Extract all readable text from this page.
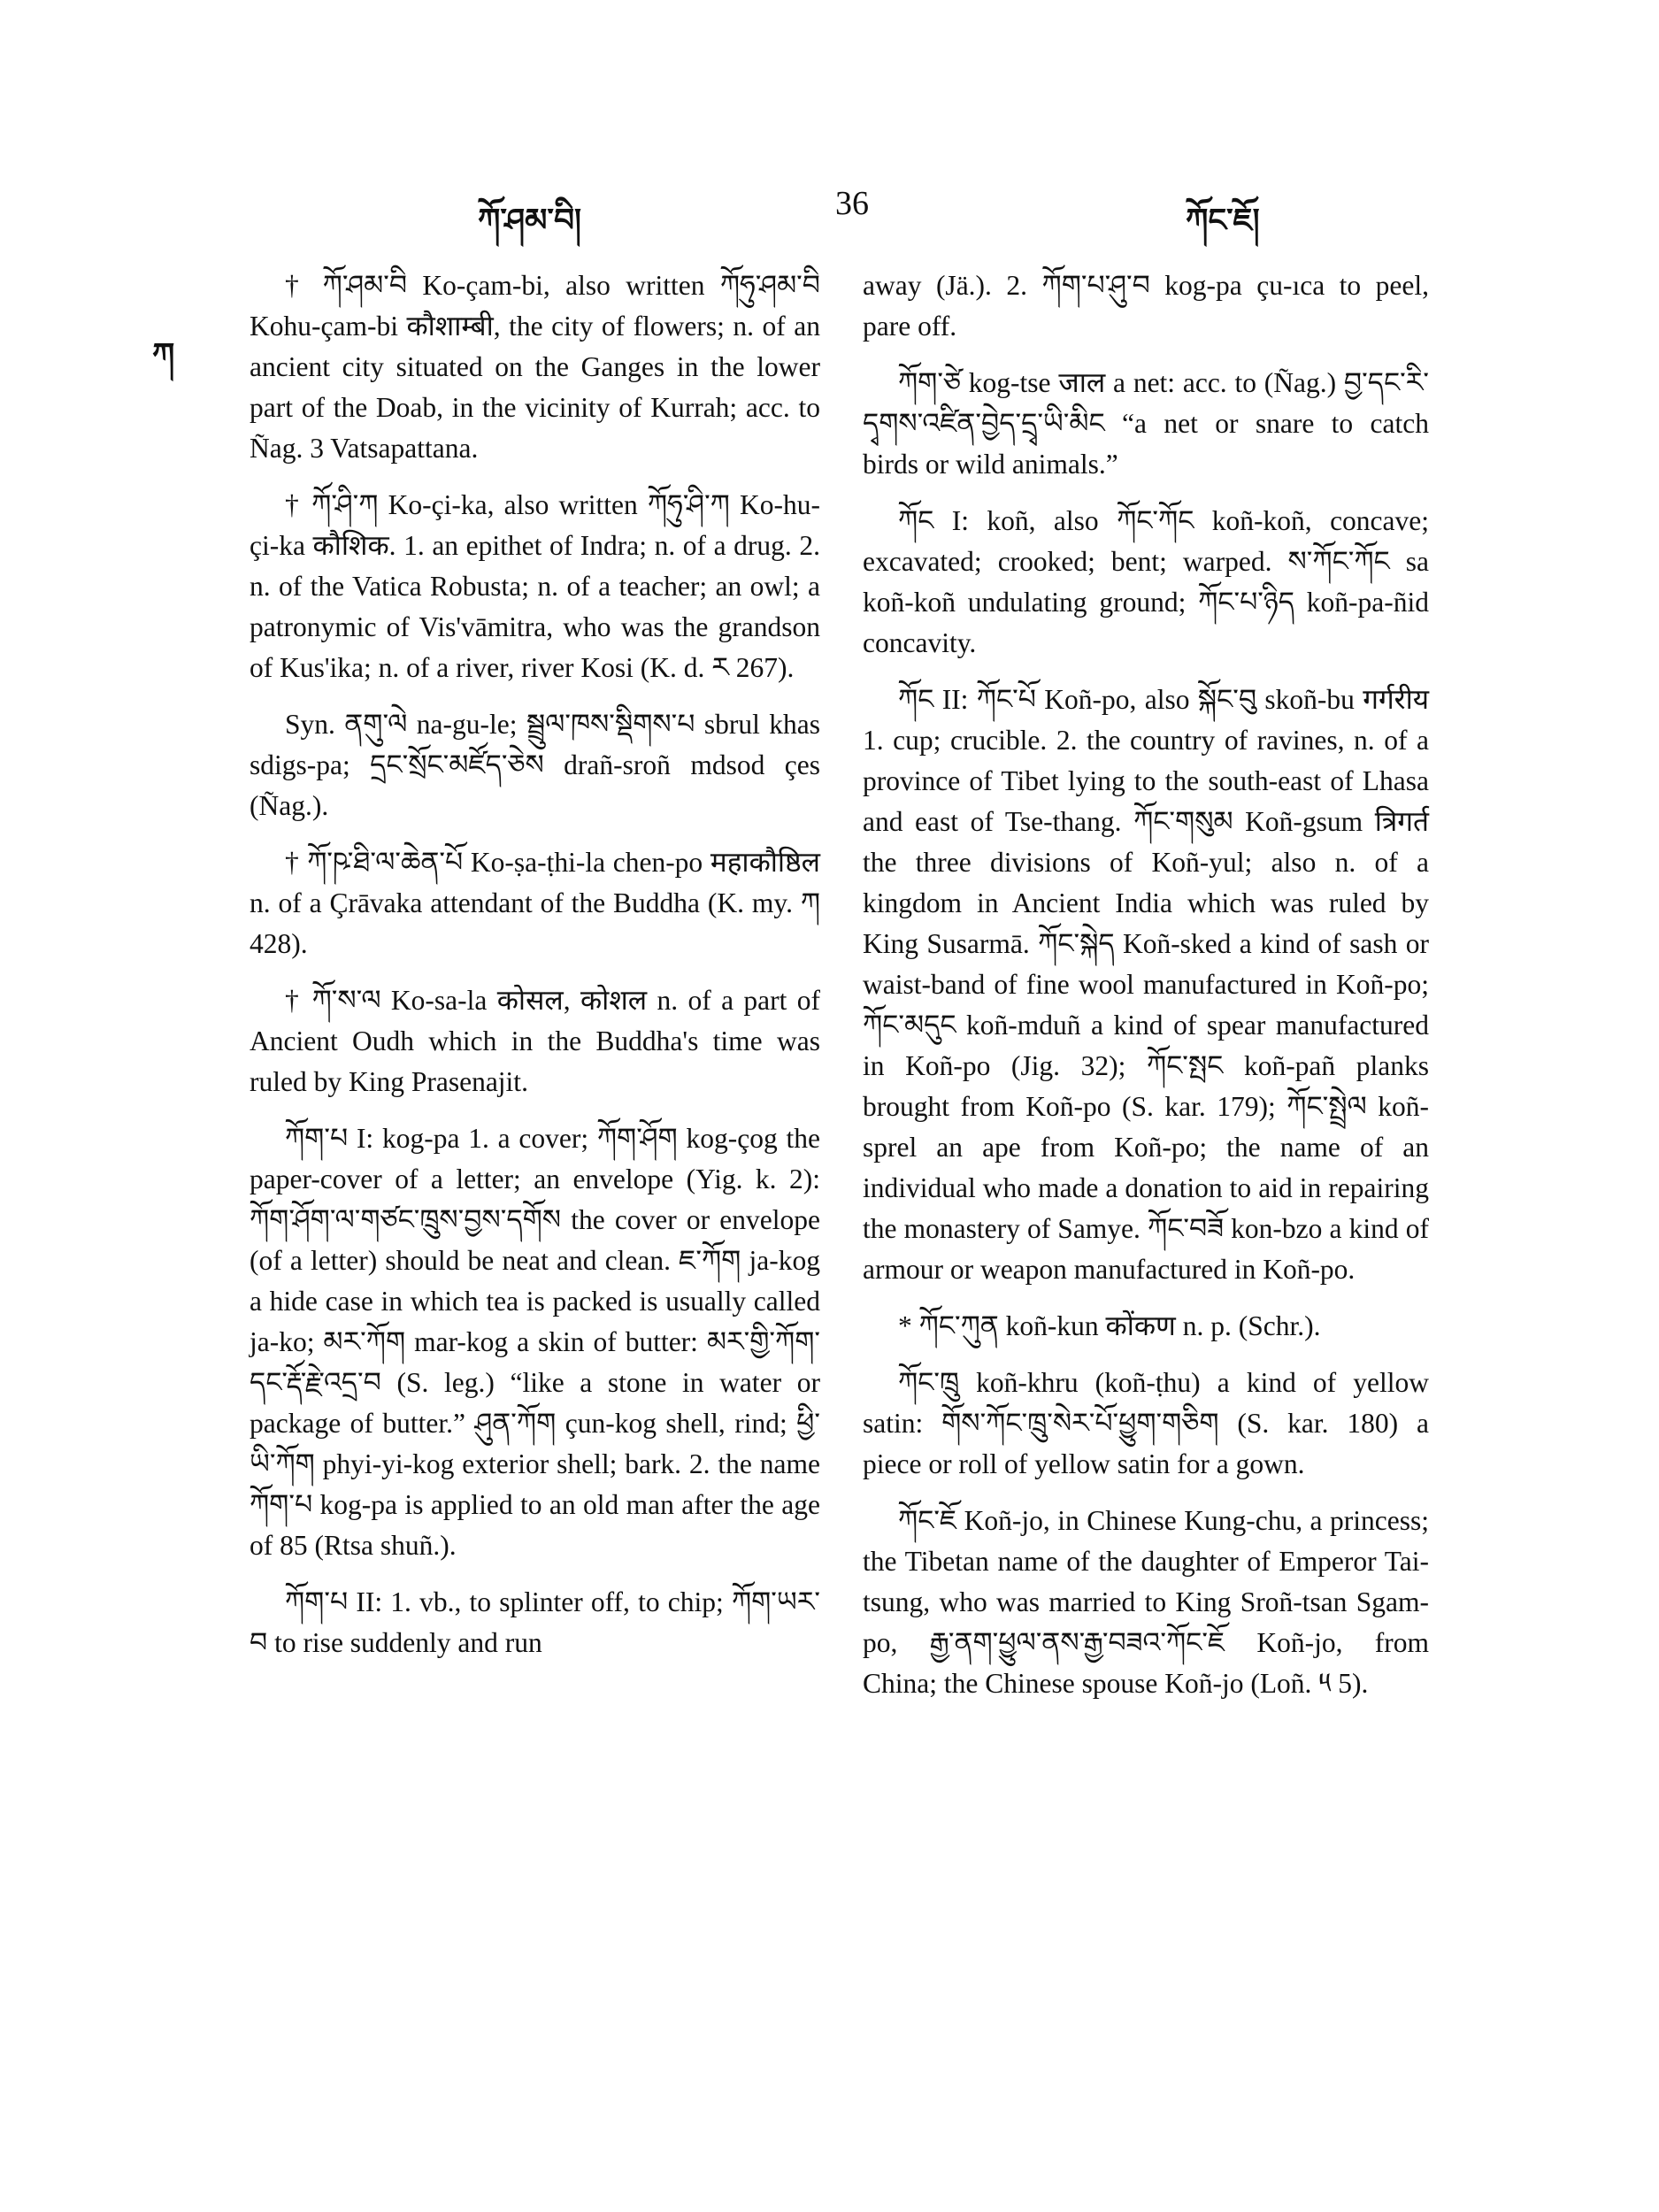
ཀོ་ཤམ་བི།	36	ཀོང་ཇོ།
ཀ

† ཀོ་ཤམ་བི Ko-çam-bi, also written ཀོཧུ་ཤམ་བི Kohu-çam-bi कौशाम्बी, the city of flowers; n. of an ancient city situated on the Ganges in the lower part of the Doab, in the vicinity of Kurrah; acc. to Ñag. 3 Vatsapattana.

† ཀོ་ཤི་ཀ Ko-çi-ka, also written ཀོཧུ་ཤི་ཀ Ko-hu-çi-ka कौशिक. 1. an epithet of Indra; n. of a drug. 2. n. of the Vatica Robusta; n. of a teacher; an owl; a patronymic of Vis'vāmitra, who was the grandson of Kus'ika; n. of a river, river Kosi (K. d. ར 267).

Syn. ནགུ་ལེ na-gu-le; སྦྲུལ་ཁས་སྡིགས་པ sbrul khas sdigs-pa; དྲང་སྲོང་མཛོད་ཅེས drañ-sroñ mdsod çes (Ñag.).

† ཀོ་ཥ་ཐི་ལ་ཆེན་པོ Ko-ṣa-ṭhi-la chen-po महाकौष्ठिल n. of a Çrāvaka attendant of the Buddha (K. my. ཀ 428).

† ཀོ་ས་ལ Ko-sa-la कोसल, कोशल n. of a part of Ancient Oudh which in the Buddha's time was ruled by King Prasenajit.

ཀོག་པ I: kog-pa 1. a cover; ཀོག་ཤོག kog-çog the paper-cover of a letter; an envelope (Yig. k. 2): ཀོག་ཤོག་ལ་གཙང་ཁྲུས་བྱས་དགོས the cover or envelope (of a letter) should be neat and clean. ཇ་ཀོག ja-kog a hide case in which tea is packed is usually called ja-ko; མར་ཀོག mar-kog a skin of butter: མར་གྱི་ཀོག་དང་རྡོ་རྗེ་འདྲ་བ (S. leg.) “like a stone in water or package of butter.” ཤུན་ཀོག çun-kog shell, rind; ཕྱི་ཡི་ཀོག phyi-yi-kog exterior shell; bark. 2. the name ཀོག་པ kog-pa is applied to an old man after the age of 85 (Rtsa shuñ.).

ཀོག་པ II: 1. vb., to splinter off, to chip; ཀོག་ཡར་བ to rise suddenly and run

away (Jä.). 2. ཀོག་པ་ཤུ་བ kog-pa çu-ıca to peel, pare off.

ཀོག་ཙེ kog-tse जाल a net: acc. to (Ñag.) བྱ་དང་རི་དྭགས་འཛིན་བྱེད་དྲྭ་ཡི་མིང “a net or snare to catch birds or wild animals.”

ཀོང I: koñ, also ཀོང་ཀོང koñ-koñ, concave; excavated; crooked; bent; warped. ས་ཀོང་ཀོང sa koñ-koñ undulating ground; ཀོང་པ་ཉིད koñ-pa-ñid concavity.

ཀོང II: ཀོང་པོ Koñ-po, also སྐོང་བུ skoñ-bu गर्गरीय 1. cup; crucible. 2. the country of ravines, n. of a province of Tibet lying to the south-east of Lhasa and east of Tse-thang. ཀོང་གསུམ Koñ-gsum त्रिगर्त the three divisions of Koñ-yul; also n. of a kingdom in Ancient India which was ruled by King Susarmā. ཀོང་སྐེད Koñ-sked a kind of sash or waist-band of fine wool manufactured in Koñ-po; ཀོང་མདུང koñ-mduñ a kind of spear manufactured in Koñ-po (Jig. 32); ཀོང་སྤང koñ-pañ planks brought from Koñ-po (S. kar. 179); ཀོང་སྤྲེལ koñ-sprel an ape from Koñ-po; the name of an individual who made a donation to aid in repairing the monastery of Samye. ཀོང་བཟོ kon-bzo a kind of armour or weapon manufactured in Koñ-po.

* ཀོང་ཀུན koñ-kun कोंकण n. p. (Schr.).

ཀོང་ཁྲུ koñ-khru (koñ-ṭhu) a kind of yellow satin: གོས་ཀོང་ཁྲུ་སེར་པོ་ཕྱུག་གཅིག (S. kar. 180) a piece or roll of yellow satin for a gown.

ཀོང་ཇོ Koñ-jo, in Chinese Kung-chu, a princess; the Tibetan name of the daughter of Emperor Tai-tsung, who was married to King Sroñ-tsan Sgam-po, རྒྱ་ནག་ཕྱུལ་ནས་རྒྱ་བཟའ་ཀོང་ཇོ Koñ-jo, from China; the Chinese spouse Koñ-jo (Loñ. ༥ 5).
